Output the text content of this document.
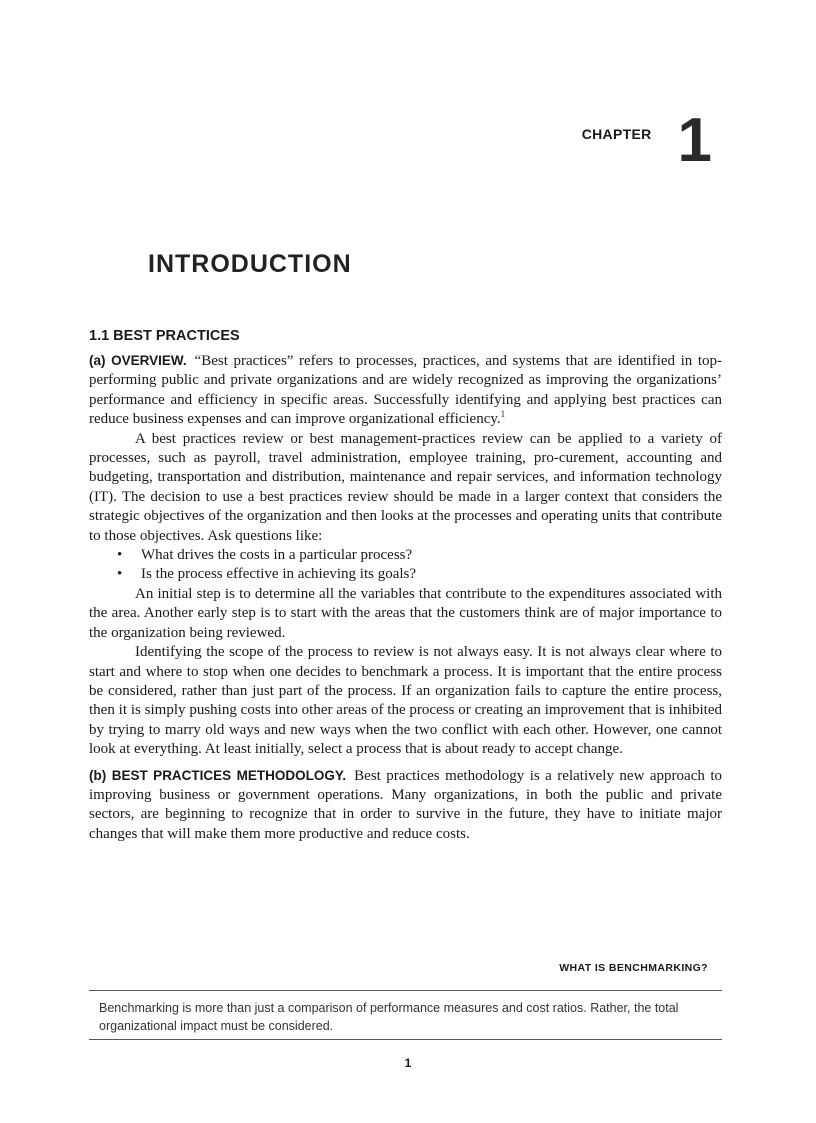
CHAPTER 1
INTRODUCTION
1.1 BEST PRACTICES

(a) OVERVIEW. “Best practices” refers to processes, practices, and systems that are identified in top-performing public and private organizations and are widely recognized as improving the organizations’ performance and efficiency in specific areas. Successfully identifying and applying best practices can reduce business expenses and can improve organizational efficiency.$^1$

A best practices review or best management-practices review can be applied to a variety of processes, such as payroll, travel administration, employee training, pro-curement, accounting and budgeting, transportation and distribution, maintenance and repair services, and information technology (IT). The decision to use a best practices review should be made in a larger context that considers the strategic objectives of the organization and then looks at the processes and operating units that contribute to those objectives. Ask questions like:

• What drives the costs in a particular process?
• Is the process effective in achieving its goals?

An initial step is to determine all the variables that contribute to the expenditures associated with the area. Another early step is to start with the areas that the customers think are of major importance to the organization being reviewed.

Identifying the scope of the process to review is not always easy. It is not always clear where to start and where to stop when one decides to benchmark a process. It is important that the entire process be considered, rather than just part of the process. If an organization fails to capture the entire process, then it is simply pushing costs into other areas of the process or creating an improvement that is inhibited by trying to marry old ways and new ways when the two conflict with each other. However, one cannot look at everything. At least initially, select a process that is about ready to accept change.

(b) BEST PRACTICES METHODOLOGY. Best practices methodology is a relatively new approach to improving business or government operations. Many organizations, in both the public and private sectors, are beginning to recognize that in order to survive in the future, they have to initiate major changes that will make them more productive and reduce costs.

WHAT IS BENCHMARKING?
Benchmarking is more than just a comparison of performance measures and cost ratios. Rather, the total organizational impact must be considered.
1
